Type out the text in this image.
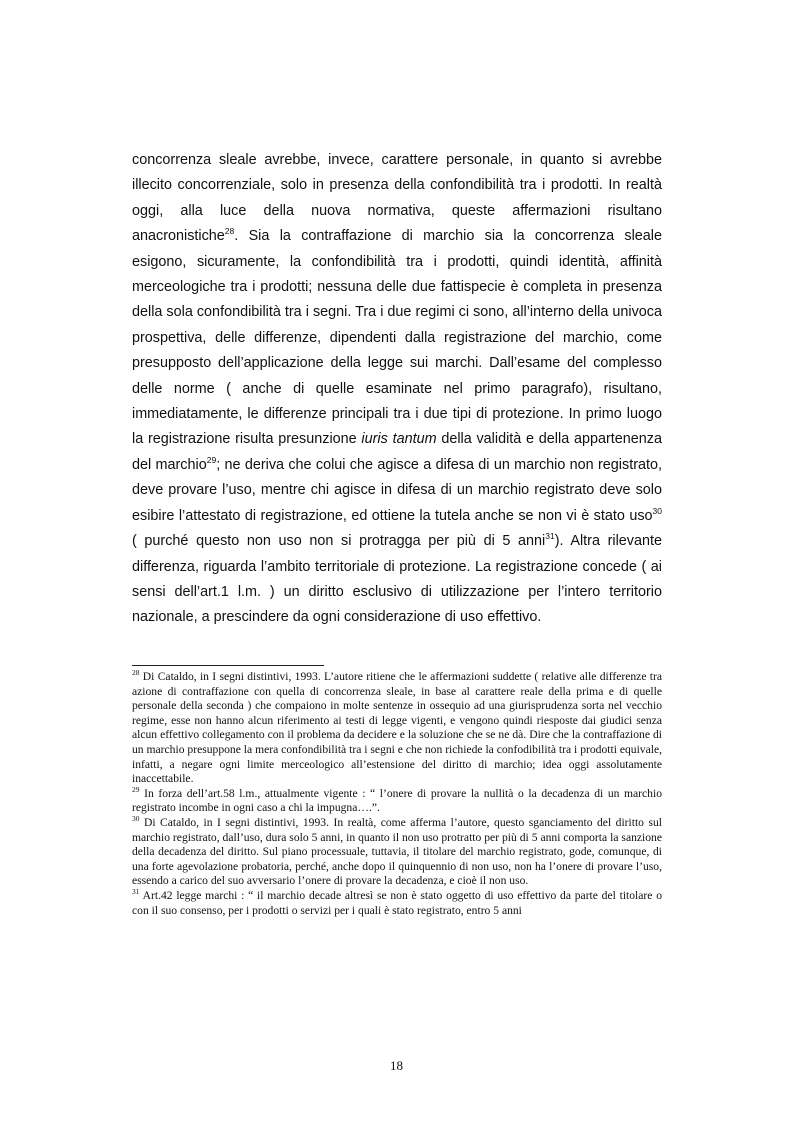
concorrenza sleale avrebbe, invece, carattere personale, in quanto si avrebbe illecito concorrenziale, solo in presenza della confondibilità tra i prodotti. In realtà oggi, alla luce della nuova normativa, queste affermazioni risultano anacronistiche$^{28}$. Sia la contraffazione di marchio sia la concorrenza sleale esigono, sicuramente, la confondibilità tra i prodotti, quindi identità, affinità merceologiche tra i prodotti; nessuna delle due fattispecie è completa in presenza della sola confondibilità tra i segni. Tra i due regimi ci sono, all’interno della univoca prospettiva, delle differenze, dipendenti dalla registrazione del marchio, come presupposto dell’applicazione della legge sui marchi. Dall’esame del complesso delle norme ( anche di quelle esaminate nel primo paragrafo), risultano, immediatamente, le differenze principali tra i due tipi di protezione. In primo luogo la registrazione risulta presunzione iuris tantum della validità e della appartenenza del marchio$^{29}$; ne deriva che colui che agisce a difesa di un marchio non registrato, deve provare l’uso, mentre chi agisce in difesa di un marchio registrato deve solo esibire l’attestato di registrazione, ed ottiene la tutela anche se non vi è stato uso$^{30}$ ( purché questo non uso non si protragga per più di 5 anni$^{31}$). Altra rilevante differenza, riguarda l’ambito territoriale di protezione. La registrazione concede ( ai sensi dell’art.1 l.m. ) un diritto esclusivo di utilizzazione per l’intero territorio nazionale, a prescindere da ogni considerazione di uso effettivo.

$^{28}$ Di Cataldo, in I segni distintivi, 1993. L’autore ritiene che le affermazioni suddette ( relative alle differenze tra azione di contraffazione con quella di concorrenza sleale, in base al carattere reale della prima e di quelle personale della seconda ) che compaiono in molte sentenze in ossequio ad una giurisprudenza sorta nel vecchio regime, esse non hanno alcun riferimento ai testi di legge vigenti, e vengono quindi riesposte dai giudici senza alcun effettivo collegamento con il problema da decidere e la soluzione che se ne dà. Dire che la contraffazione di un marchio presuppone la mera confondibilità tra i segni e che non richiede la confodibilità tra i prodotti equivale, infatti, a negare ogni limite merceologico all’estensione del diritto di marchio; idea oggi assolutamente inaccettabile.

$^{29}$ In forza dell’art.58 l.m., attualmente vigente : “ l’onere di provare la nullità o la decadenza di un marchio registrato incombe in ogni caso a chi la impugna….”.

$^{30}$ Di Cataldo, in I segni distintivi, 1993. In realtà, come afferma l’autore, questo sganciamento del diritto sul marchio registrato, dall’uso, dura solo 5 anni, in quanto il non uso protratto per più di 5 anni comporta la sanzione della decadenza del diritto. Sul piano processuale, tuttavia, il titolare del marchio registrato, gode, comunque, di una forte agevolazione probatoria, perché, anche dopo il quinquennio di non uso, non ha l’onere di provare l’uso, essendo a carico del suo avversario l’onere di provare la decadenza, e cioè il non uso.

$^{31}$ Art.42 legge marchi : “ il marchio decade altresì se non è stato oggetto di uso effettivo da parte del titolare o con il suo consenso, per i prodotti o servizi per i quali è stato registrato, entro 5 anni

18
